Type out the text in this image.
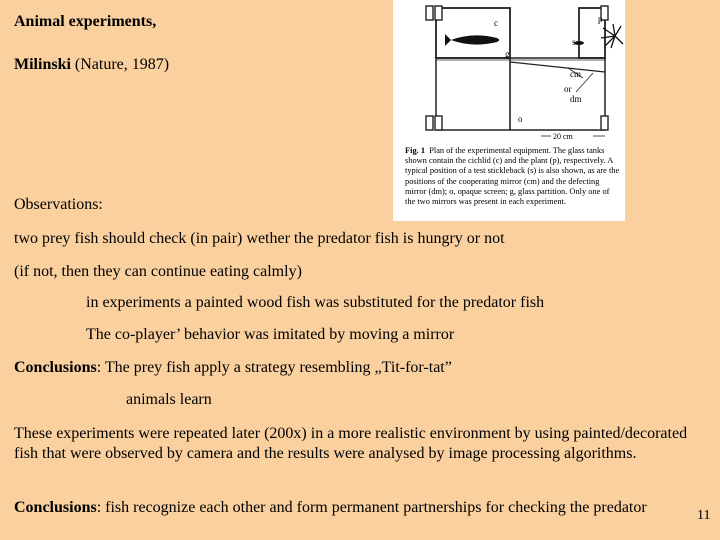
Animal experiments,
Milinski (Nature, 1987)
c
g
p
s
cm
or
dm
o
20 cm
Fig. 1 Plan of the experimental equipment. The glass tanks shown contain the cichlid (c) and the plant (p), respectively. A typical position of a test stickleback (s) is also shown, as are the positions of the cooperating mirror (cm) and the defecting mirror (dm); o, opaque screen; g, glass partition. Only one of the two mirrors was present in each experiment.
Observations:
two prey fish should check (in pair) wether the predator fish is hungry or not
(if not, then they can continue eating calmly)
in experiments a painted wood fish was substituted for the predator fish
The co-player’ behavior was imitated by moving a mirror
Conclusions: The prey fish apply a strategy resembling „Tit-for-tat”
animals learn
These experiments were repeated later (200x) in a more realistic environment by using painted/decorated fish that were observed by camera and the results were analysed by image processing algorithms.
Conclusions: fish recognize each other and form permanent partnerships for checking the predator	11
